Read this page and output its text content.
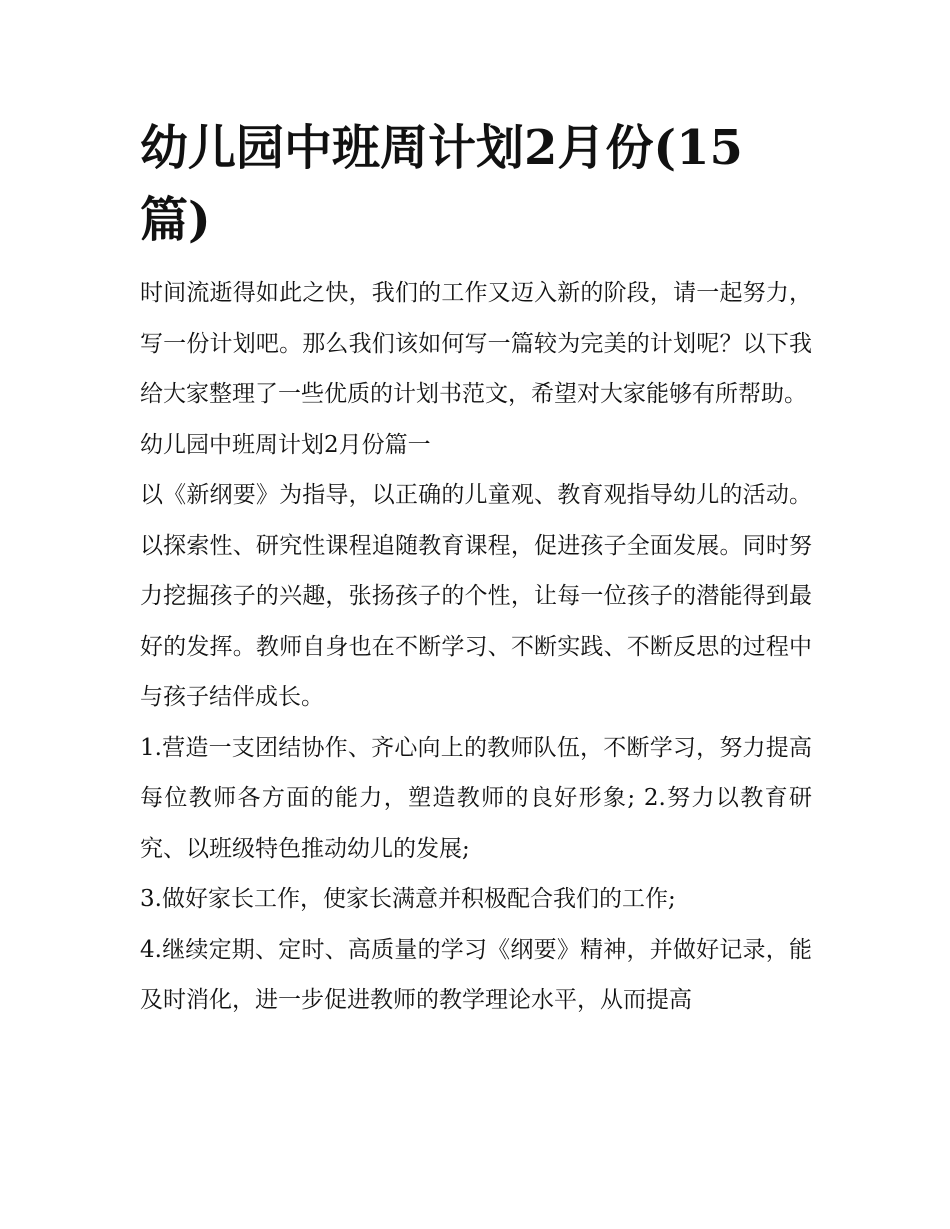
幼儿园中班周计划2月份(15篇)

时间流逝得如此之快，我们的工作又迈入新的阶段，请一起努力，写一份计划吧。那么我们该如何写一篇较为完美的计划呢？以下我给大家整理了一些优质的计划书范文，希望对大家能够有所帮助。

幼儿园中班周计划2月份篇一

以《新纲要》为指导，以正确的儿童观、教育观指导幼儿的活动。以探索性、研究性课程追随教育课程，促进孩子全面发展。同时努力挖掘孩子的兴趣，张扬孩子的个性，让每一位孩子的潜能得到最好的发挥。教师自身也在不断学习、不断实践、不断反思的过程中与孩子结伴成长。

1.营造一支团结协作、齐心向上的教师队伍，不断学习，努力提高每位教师各方面的能力，塑造教师的良好形象; 2.努力以教育研究、以班级特色推动幼儿的发展;

3.做好家长工作，使家长满意并积极配合我们的工作;

4.继续定期、定时、高质量的学习《纲要》精神，并做好记录，能及时消化，进一步促进教师的教学理论水平，从而提高
